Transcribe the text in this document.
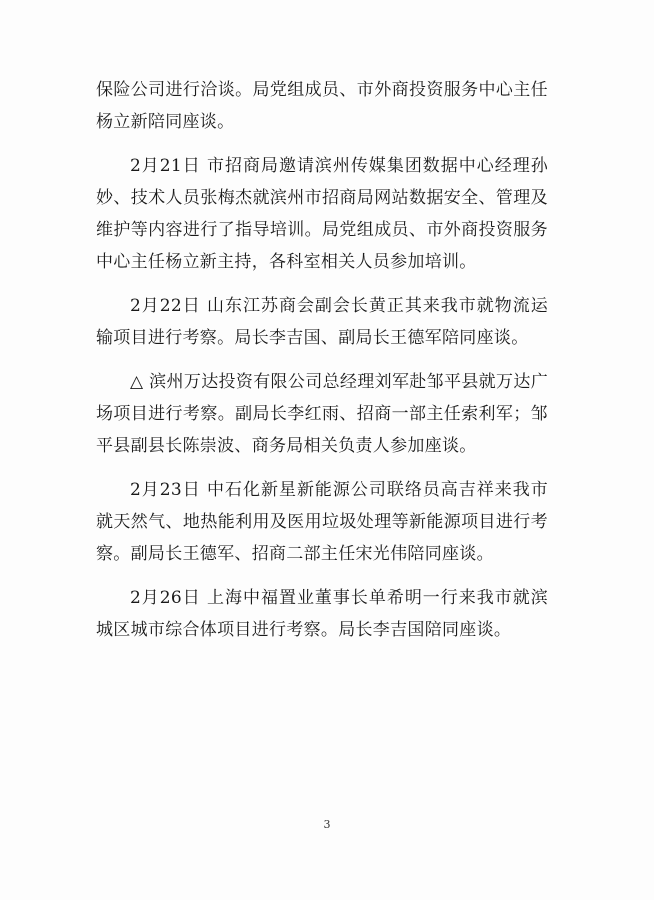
保险公司进行洽谈。局党组成员、市外商投资服务中心主任杨立新陪同座谈。

2月21日 市招商局邀请滨州传媒集团数据中心经理孙妙、技术人员张梅杰就滨州市招商局网站数据安全、管理及维护等内容进行了指导培训。局党组成员、市外商投资服务中心主任杨立新主持，各科室相关人员参加培训。

2月22日 山东江苏商会副会长黄正其来我市就物流运输项目进行考察。局长李吉国、副局长王德军陪同座谈。

△ 滨州万达投资有限公司总经理刘军赴邹平县就万达广场项目进行考察。副局长李红雨、招商一部主任索利军；邹平县副县长陈崇波、商务局相关负责人参加座谈。

2月23日 中石化新星新能源公司联络员高吉祥来我市就天然气、地热能利用及医用垃圾处理等新能源项目进行考察。副局长王德军、招商二部主任宋光伟陪同座谈。

2月26日 上海中福置业董事长单希明一行来我市就滨城区城市综合体项目进行考察。局长李吉国陪同座谈。

3
